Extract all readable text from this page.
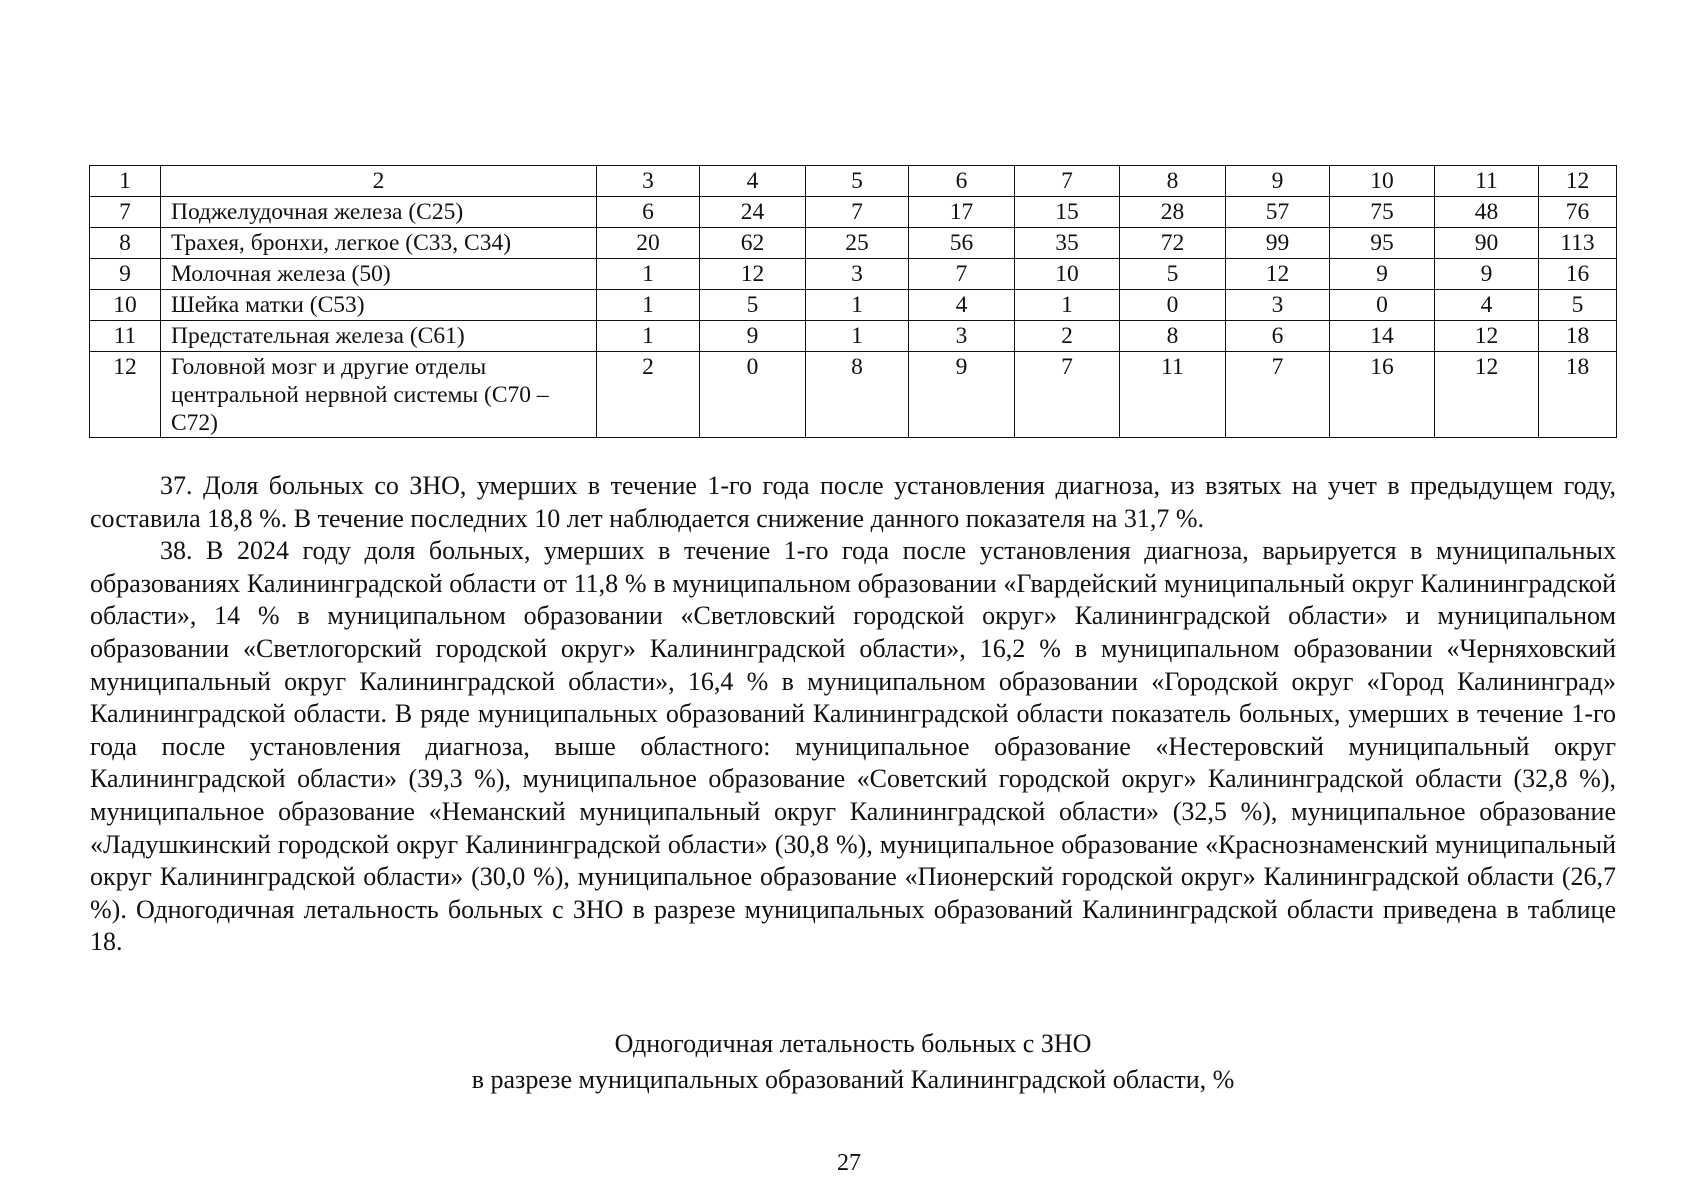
1	2	3	4	5	6	7	8	9	10	11	12
7	Поджелудочная железа (С25)	6	24	7	17	15	28	57	75	48	76
8	Трахея, бронхи, легкое (С33, С34)	20	62	25	56	35	72	99	95	90	113
9	Молочная железа (50)	1	12	3	7	10	5	12	9	9	16
10	Шейка матки (С53)	1	5	1	4	1	0	3	0	4	5
11	Предстательная железа (С61)	1	9	1	3	2	8	6	14	12	18
12	Головной мозг и другие отделы центральной нервной системы (С70 – С72)	2	0	8	9	7	11	7	16	12	18

37. Доля больных со ЗНО, умерших в течение 1-го года после установления диагноза, из взятых на учет в предыдущем году, составила 18,8 %. В течение последних 10 лет наблюдается снижение данного показателя на 31,7 %.

38. В 2024 году доля больных, умерших в течение 1-го года после установления диагноза, варьируется в муниципальных образованиях Калининградской области от 11,8 % в муниципальном образовании «Гвардейский муниципальный округ Калининградской области», 14 % в муниципальном образовании «Светловский городской округ» Калининградской области» и муниципальном образовании «Светлогорский городской округ» Калининградской области», 16,2 % в муниципальном образовании «Черняховский муниципальный округ Калининградской области», 16,4 % в муниципальном образовании «Городской округ «Город Калининград» Калининградской области. В ряде муниципальных образований Калининградской области показатель больных, умерших в течение 1-го года после установления диагноза, выше областного: муниципальное образование «Нестеровский муниципальный округ Калининградской области» (39,3 %), муниципальное образование «Советский городской округ» Калининградской области (32,8 %), муниципальное образование «Неманский муниципальный округ Калининградской области» (32,5 %), муниципальное образование «Ладушкинский городской округ Калининградской области» (30,8 %), муниципальное образование «Краснознаменский муниципальный округ Калининградской области» (30,0 %), муниципальное образование «Пионерский городской округ» Калининградской области (26,7 %). Одногодичная летальность больных с ЗНО в разрезе муниципальных образований Калининградской области приведена в таблице 18.

Одногодичная летальность больных с ЗНО
в разрезе муниципальных образований Калининградской области, %
27
